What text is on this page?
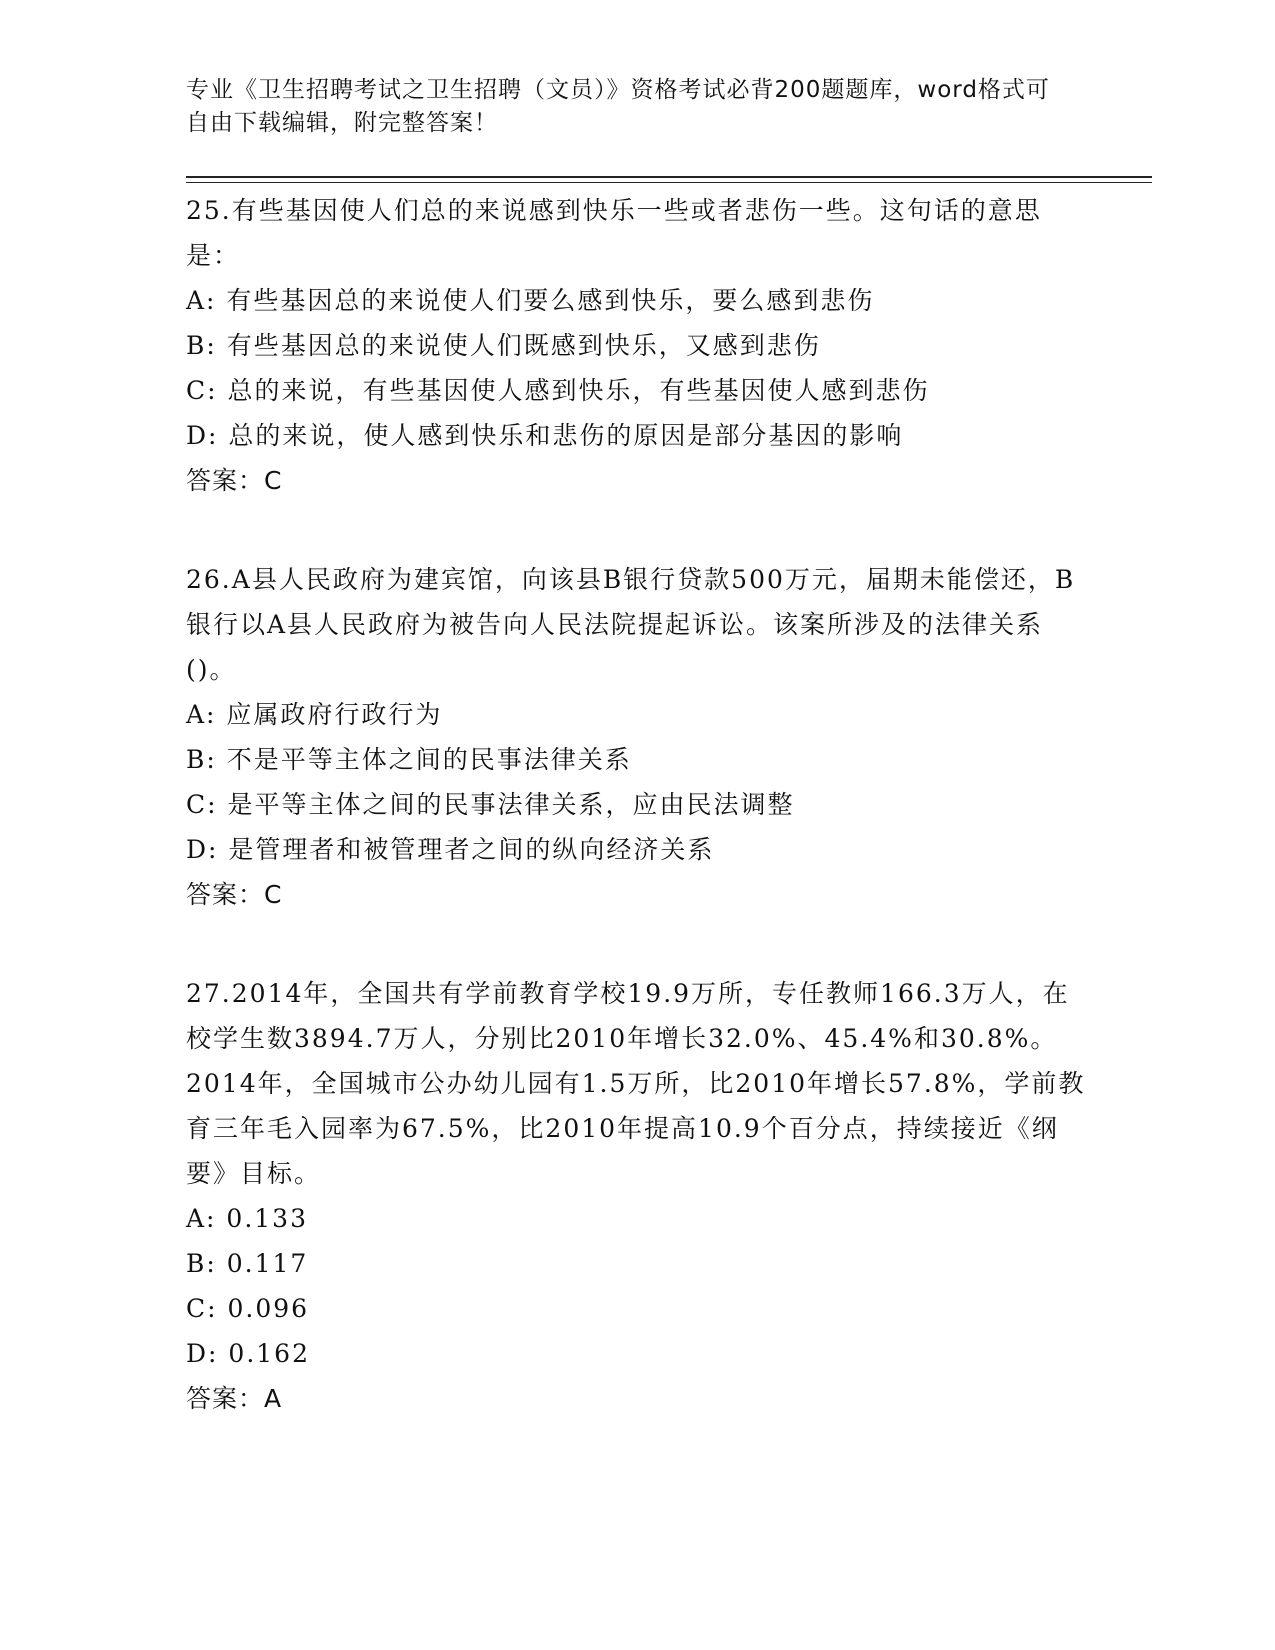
专业《卫生招聘考试之卫生招聘（文员）》资格考试必背200题题库，word格式可自由下载编辑，附完整答案！
25.有些基因使人们总的来说感到快乐一些或者悲伤一些。这句话的意思是：
A: 有些基因总的来说使人们要么感到快乐，要么感到悲伤
B: 有些基因总的来说使人们既感到快乐，又感到悲伤
C: 总的来说，有些基因使人感到快乐，有些基因使人感到悲伤
D: 总的来说，使人感到快乐和悲伤的原因是部分基因的影响
答案：C
26.A县人民政府为建宾馆，向该县B银行贷款500万元，届期未能偿还，B银行以A县人民政府为被告向人民法院提起诉讼。该案所涉及的法律关系()。
A: 应属政府行政行为
B: 不是平等主体之间的民事法律关系
C: 是平等主体之间的民事法律关系，应由民法调整
D: 是管理者和被管理者之间的纵向经济关系
答案：C
27.2014年，全国共有学前教育学校19.9万所，专任教师166.3万人，在校学生数3894.7万人，分别比2010年增长32.0%、45.4%和30.8%。2014年，全国城市公办幼儿园有1.5万所，比2010年增长57.8%，学前教育三年毛入园率为67.5%，比2010年提高10.9个百分点，持续接近《纲要》目标。
A: 0.133
B: 0.117
C: 0.096
D: 0.162
答案：A
